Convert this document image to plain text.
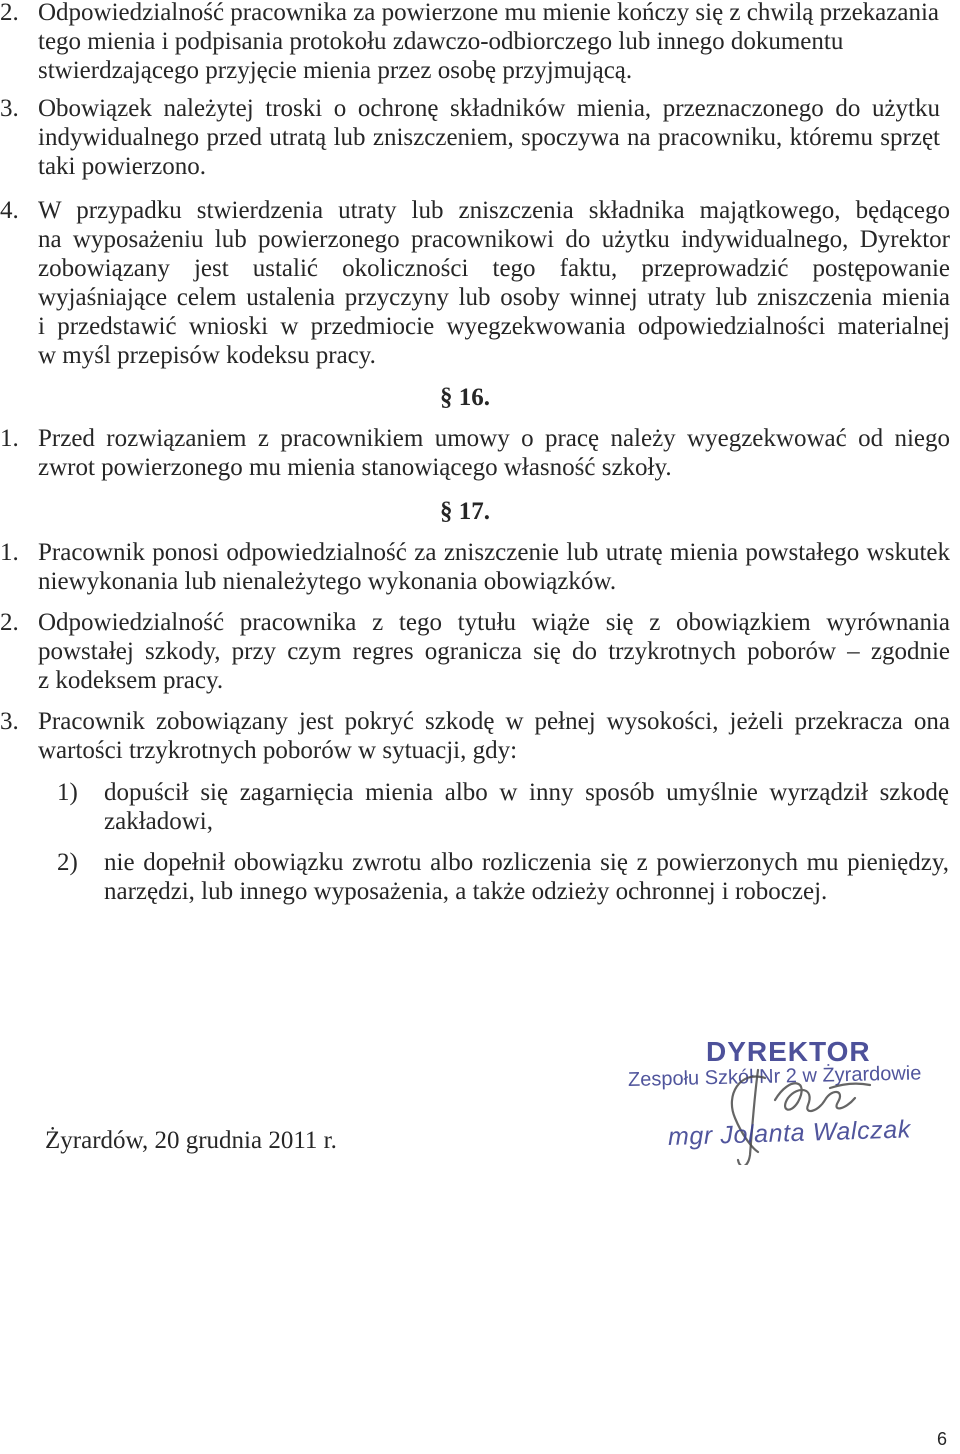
2. Odpowiedzialność pracownika za powierzone mu mienie kończy się z chwilą przekazania
tego mienia i podpisania protokołu zdawczo-odbiorczego lub innego dokumentu
stwierdzającego przyjęcie mienia przez osobę przyjmującą.
3. Obowiązek należytej troski o ochronę składników mienia, przeznaczonego do użytku
indywidualnego przed utratą lub zniszczeniem, spoczywa na pracowniku, któremu sprzęt
taki powierzono.
4. W przypadku stwierdzenia utraty lub zniszczenia składnika majątkowego, będącego
na wyposażeniu lub powierzonego pracownikowi do użytku indywidualnego, Dyrektor
zobowiązany jest ustalić okoliczności tego faktu, przeprowadzić postępowanie
wyjaśniające celem ustalenia przyczyny lub osoby winnej utraty lub zniszczenia mienia
i przedstawić wnioski w przedmiocie wyegzekwowania odpowiedzialności materialnej
w myśl przepisów kodeksu pracy.
§ 16.
1. Przed rozwiązaniem z pracownikiem umowy o pracę należy wyegzekwować od niego
zwrot powierzonego mu mienia stanowiącego własność szkoły.
§ 17.
1. Pracownik ponosi odpowiedzialność za zniszczenie lub utratę mienia powstałego wskutek
niewykonania lub nienależytego wykonania obowiązków.
2. Odpowiedzialność pracownika z tego tytułu wiąże się z obowiązkiem wyrównania
powstałej szkody, przy czym regres ogranicza się do trzykrotnych poborów – zgodnie
z kodeksem pracy.
3. Pracownik zobowiązany jest pokryć szkodę w pełnej wysokości, jeżeli przekracza ona
wartości trzykrotnych poborów w sytuacji, gdy:
1) dopuścił się zagarnięcia mienia albo w inny sposób umyślnie wyrządził szkodę
zakładowi,
2) nie dopełnił obowiązku zwrotu albo rozliczenia się z powierzonych mu pieniędzy,
narzędzi, lub innego wyposażenia, a także odzieży ochronnej i roboczej.
DYREKTOR
Zespołu Szkół Nr 2 w Żyrardowie
mgr Jolanta Walczak
Żyrardów, 20 grudnia 2011 r.
6
